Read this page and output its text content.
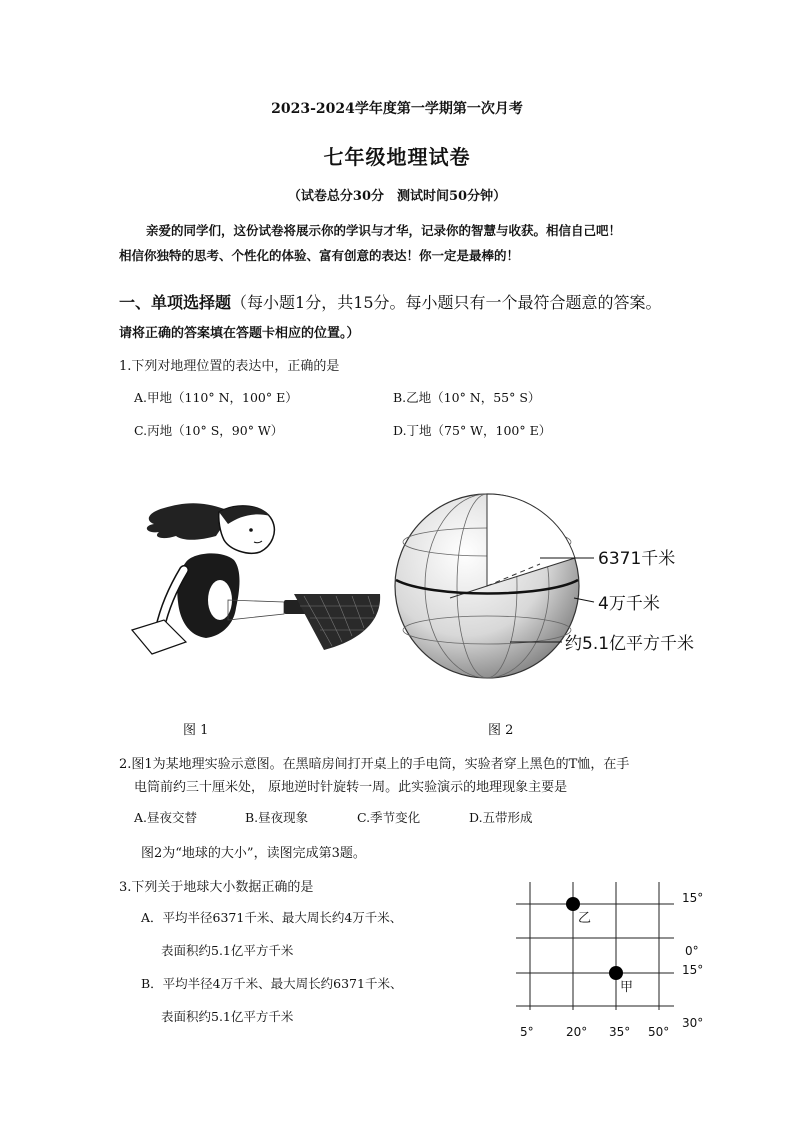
2023-2024学年度第一学期第一次月考
七年级地理试卷
（试卷总分30分　测试时间50分钟）
亲爱的同学们，这份试卷将展示你的学识与才华，记录你的智慧与收获。相信自己吧！
相信你独特的思考、个性化的体验、富有创意的表达！你一定是最棒的！
一、单项选择题（每小题1分，共15分。每小题只有一个最符合题意的答案。
请将正确的答案填在答题卡相应的位置。）
1.下列对地理位置的表达中，正确的是
A.甲地（110° N，100° E）	B.乙地（10° N，55° S）
C.丙地（10° S，90° W）	D.丁地（75° W，100° E）
6371千米
4万千米
约5.1亿平方千米
图 1	图 2
2.图1为某地理实验示意图。在黑暗房间打开桌上的手电筒，实验者穿上黑色的T恤，在手
电筒前约三十厘米处， 原地逆时针旋转一周。此实验演示的地理现象主要是
A.昼夜交替	B.昼夜现象	C.季节变化	D.五带形成
图2为“地球的大小”，读图完成第3题。
3.下列关于地球大小数据正确的是
A．平均半径6371千米、最大周长约4万千米、
表面积约5.1亿平方千米
B．平均半径4万千米、最大周长约6371千米、
表面积约5.1亿平方千米
乙
甲
15°
0°
15°
30°
5°	20° 35° 50°
